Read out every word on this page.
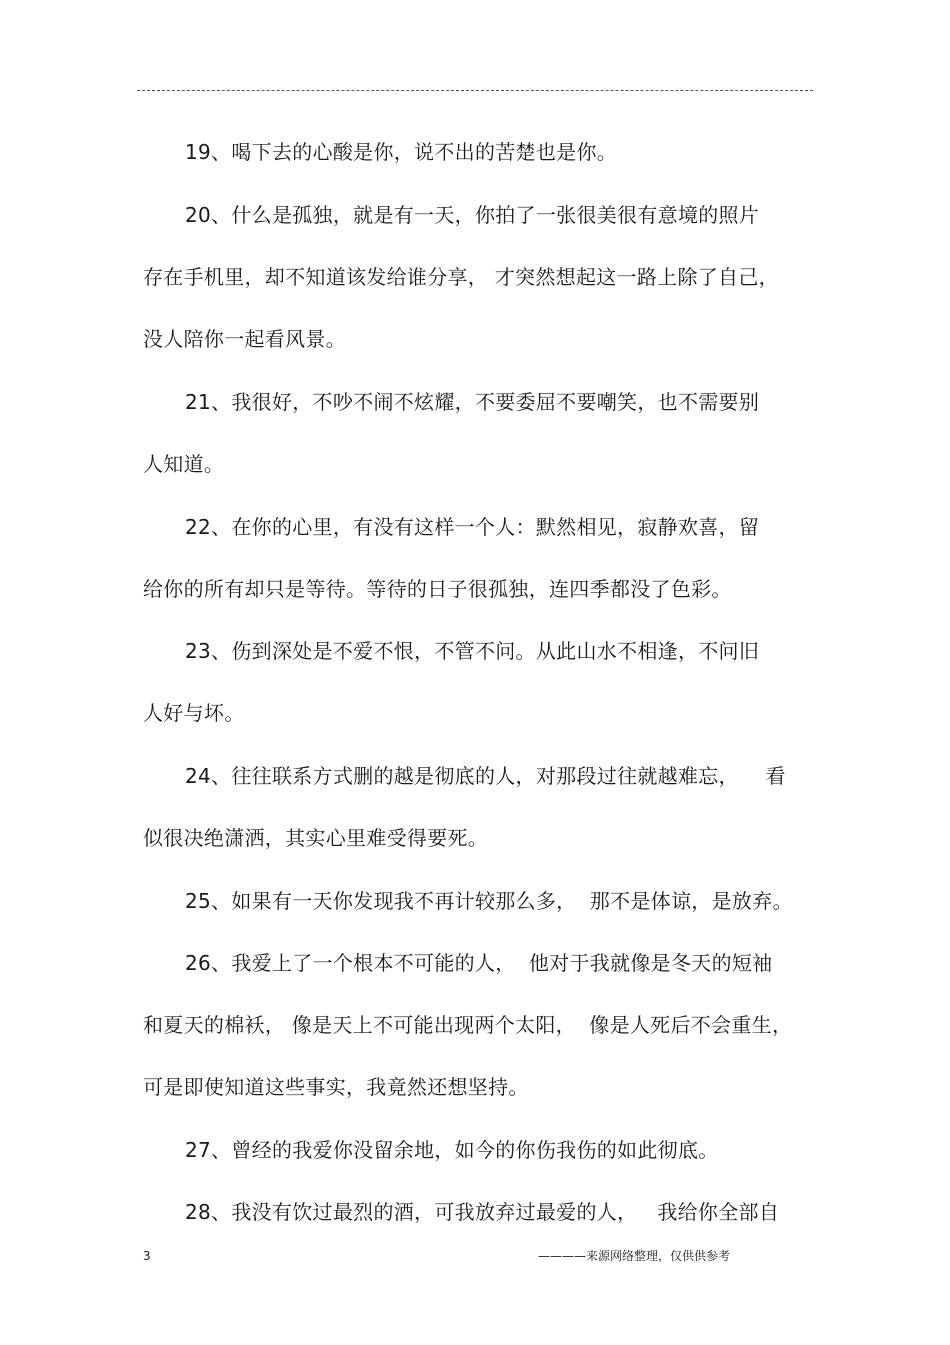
19、喝下去的心酸是你，说不出的苦楚也是你。
20、什么是孤独，就是有一天，你拍了一张很美很有意境的照片
存在手机里，却不知道该发给谁分享， 才突然想起这一路上除了自己，
没人陪你一起看风景。
21、我很好，不吵不闹不炫耀，不要委屈不要嘲笑，也不需要别
人知道。
22、在你的心里，有没有这样一个人：默然相见，寂静欢喜，留
给你的所有却只是等待。等待的日子很孤独，连四季都没了色彩。
23、伤到深处是不爱不恨，不管不问。从此山水不相逢，不问旧
人好与坏。
24、往往联系方式删的越是彻底的人，对那段过往就越难忘，    看
似很决绝潇洒，其实心里难受得要死。
25、如果有一天你发现我不再计较那么多，  那不是体谅，是放弃。
26、我爱上了一个根本不可能的人，  他对于我就像是冬天的短袖
和夏天的棉袄， 像是天上不可能出现两个太阳，  像是人死后不会重生，
可是即使知道这些事实，我竟然还想坚持。
27、曾经的我爱你没留余地，如今的你伤我伤的如此彻底。
28、我没有饮过最烈的酒，可我放弃过最爱的人，   我给你全部自
3	————来源网络整理，仅供供参考
